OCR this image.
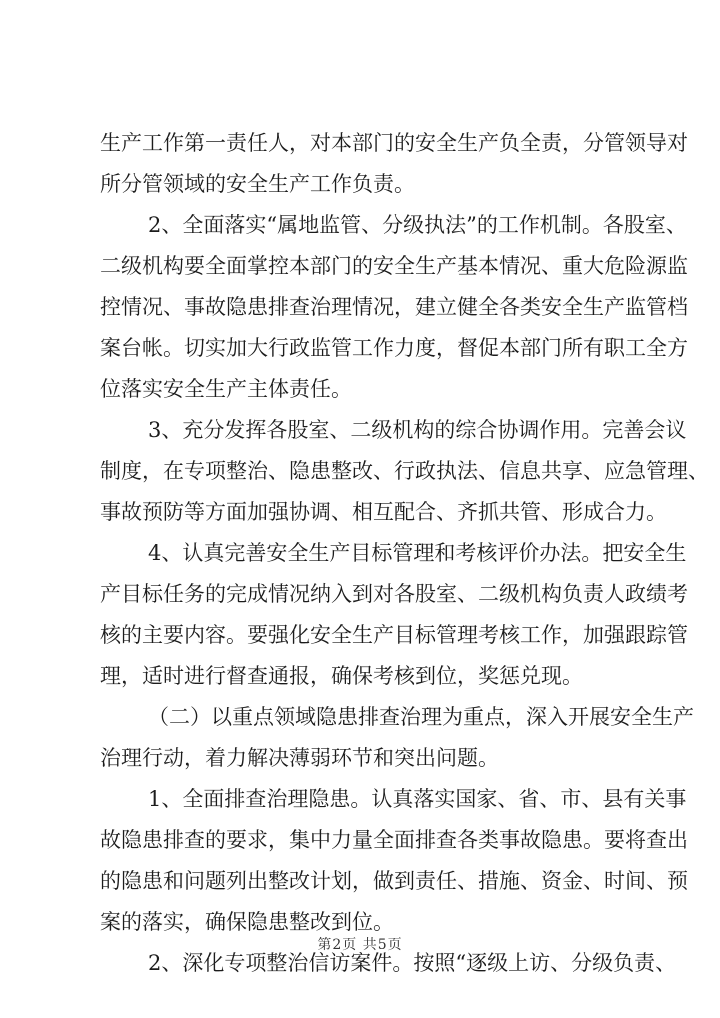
生产工作第一责任人，对本部门的安全生产负全责，分管领导对
所分管领域的安全生产工作负责。
2、全面落实“属地监管、分级执法”的工作机制。各股室、
二级机构要全面掌控本部门的安全生产基本情况、重大危险源监
控情况、事故隐患排查治理情况，建立健全各类安全生产监管档
案台帐。切实加大行政监管工作力度，督促本部门所有职工全方
位落实安全生产主体责任。
3、充分发挥各股室、二级机构的综合协调作用。完善会议
制度，在专项整治、隐患整改、行政执法、信息共享、应急管理、
事故预防等方面加强协调、相互配合、齐抓共管、形成合力。
4、认真完善安全生产目标管理和考核评价办法。把安全生
产目标任务的完成情况纳入到对各股室、二级机构负责人政绩考
核的主要内容。要强化安全生产目标管理考核工作，加强跟踪管
理，适时进行督查通报，确保考核到位，奖惩兑现。
（二）以重点领域隐患排查治理为重点，深入开展安全生产
治理行动，着力解决薄弱环节和突出问题。
1、全面排查治理隐患。认真落实国家、省、市、县有关事
故隐患排查的要求，集中力量全面排查各类事故隐患。要将查出
的隐患和问题列出整改计划，做到责任、措施、资金、时间、预
案的落实，确保隐患整改到位。
2、深化专项整治信访案件。按照“逐级上访、分级负责、
第2页 共5页
